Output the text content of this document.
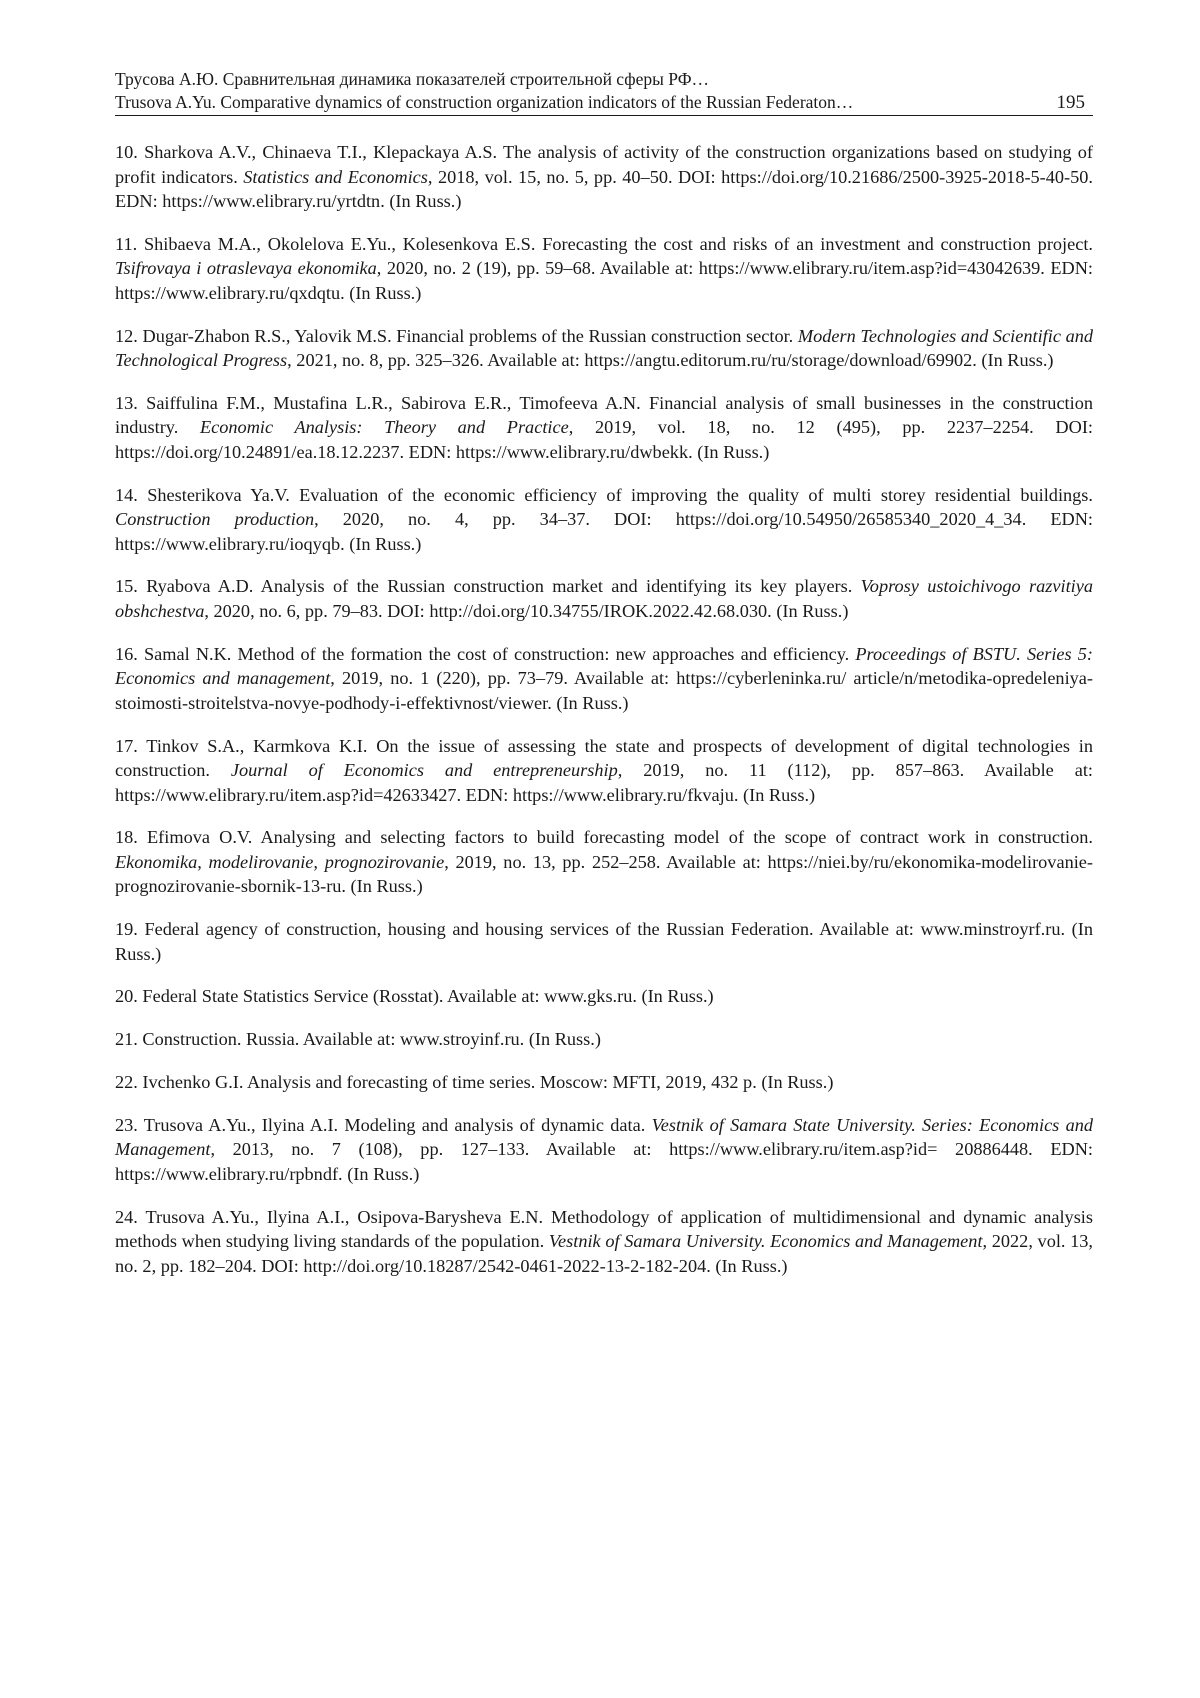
Трусова А.Ю. Сравнительная динамика показателей строительной сферы РФ…
Trusova A.Yu. Comparative dynamics of construction organization indicators of the Russian Federaton…	195

10. Sharkova A.V., Chinaeva T.I., Klepackaya A.S. The analysis of activity of the construction organizations based on studying of profit indicators. Statistics and Economics, 2018, vol. 15, no. 5, pp. 40–50. DOI: https://doi.org/10.21686/2500-3925-2018-5-40-50. EDN: https://www.elibrary.ru/yrtdtn. (In Russ.)

11. Shibaeva M.A., Okolelova E.Yu., Kolesenkova E.S. Forecasting the cost and risks of an investment and construction project. Tsifrovaya i otraslevaya ekonomika, 2020, no. 2 (19), pp. 59–68. Available at: https://www.elibrary.ru/item.asp?id=43042639. EDN: https://www.elibrary.ru/qxdqtu. (In Russ.)

12. Dugar-Zhabon R.S., Yalovik M.S. Financial problems of the Russian construction sector. Modern Technologies and Scientific and Technological Progress, 2021, no. 8, pp. 325–326. Available at: https://angtu.editorum.ru/ru/storage/download/69902. (In Russ.)

13. Saiffulina F.M., Mustafina L.R., Sabirova E.R., Timofeeva A.N. Financial analysis of small businesses in the construction industry. Economic Analysis: Theory and Practice, 2019, vol. 18, no. 12 (495), pp. 2237–2254. DOI: https://doi.org/10.24891/ea.18.12.2237. EDN: https://www.elibrary.ru/dwbekk. (In Russ.)

14. Shesterikova Ya.V. Evaluation of the economic efficiency of improving the quality of multi storey residential buildings. Construction production, 2020, no. 4, pp. 34–37. DOI: https://doi.org/10.54950/26585340_2020_4_34. EDN: https://www.elibrary.ru/ioqyqb. (In Russ.)

15. Ryabova A.D. Analysis of the Russian construction market and identifying its key players. Voprosy ustoichivogo razvitiya obshchestva, 2020, no. 6, pp. 79–83. DOI: http://doi.org/10.34755/IROK.2022.42.68.030. (In Russ.)

16. Samal N.K. Method of the formation the cost of construction: new approaches and efficiency. Proceedings of BSTU. Series 5: Economics and management, 2019, no. 1 (220), pp. 73–79. Available at: https://cyberleninka.ru/ article/n/metodika-opredeleniya-stoimosti-stroitelstva-novye-podhody-i-effektivnost/viewer. (In Russ.)

17. Tinkov S.A., Karmkova K.I. On the issue of assessing the state and prospects of development of digital technologies in construction. Journal of Economics and entrepreneurship, 2019, no. 11 (112), pp. 857–863. Available at: https://www.elibrary.ru/item.asp?id=42633427. EDN: https://www.elibrary.ru/fkvaju. (In Russ.)

18. Efimova O.V. Analysing and selecting factors to build forecasting model of the scope of contract work in construction. Ekonomika, modelirovanie, prognozirovanie, 2019, no. 13, pp. 252–258. Available at: https://niei.by/ru/ekonomika-modelirovanie-prognozirovanie-sbornik-13-ru. (In Russ.)

19. Federal agency of construction, housing and housing services of the Russian Federation. Available at: www.minstroyrf.ru. (In Russ.)

20. Federal State Statistics Service (Rosstat). Available at: www.gks.ru. (In Russ.)

21. Construction. Russia. Available at: www.stroyinf.ru. (In Russ.)

22. Ivchenko G.I. Analysis and forecasting of time series. Moscow: MFTI, 2019, 432 p. (In Russ.)

23. Trusova A.Yu., Ilyina A.I. Modeling and analysis of dynamic data. Vestnik of Samara State University. Series: Economics and Management, 2013, no. 7 (108), pp. 127–133. Available at: https://www.elibrary.ru/item.asp?id= 20886448. EDN: https://www.elibrary.ru/rpbndf. (In Russ.)

24. Trusova A.Yu., Ilyina A.I., Osipova-Barysheva E.N. Methodology of application of multidimensional and dynamic analysis methods when studying living standards of the population. Vestnik of Samara University. Economics and Management, 2022, vol. 13, no. 2, pp. 182–204. DOI: http://doi.org/10.18287/2542-0461-2022-13-2-182-204. (In Russ.)
